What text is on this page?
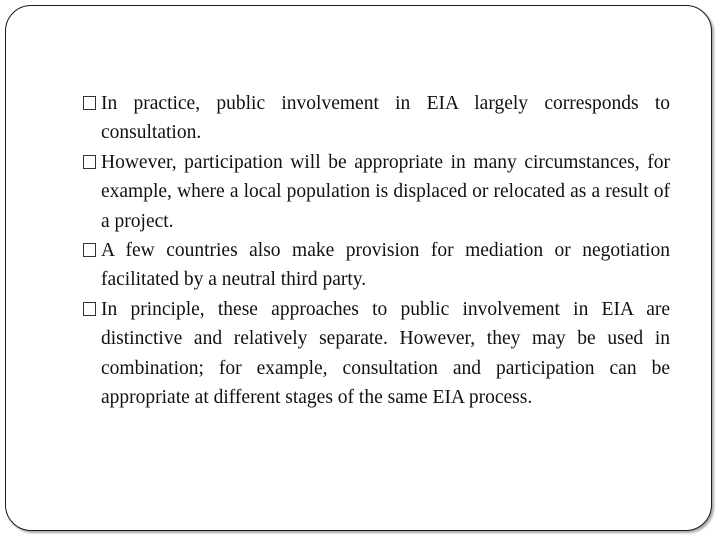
In practice, public involvement in EIA largely corresponds to consultation.
However, participation will be appropriate in many circumstances, for example, where a local population is displaced or relocated as a result of a project.
A few countries also make provision for mediation or negotiation facilitated by a neutral third party.
In principle, these approaches to public involvement in EIA are distinctive and relatively separate. However, they may be used in combination; for example, consultation and participation can be appropriate at different stages of the same EIA process.
